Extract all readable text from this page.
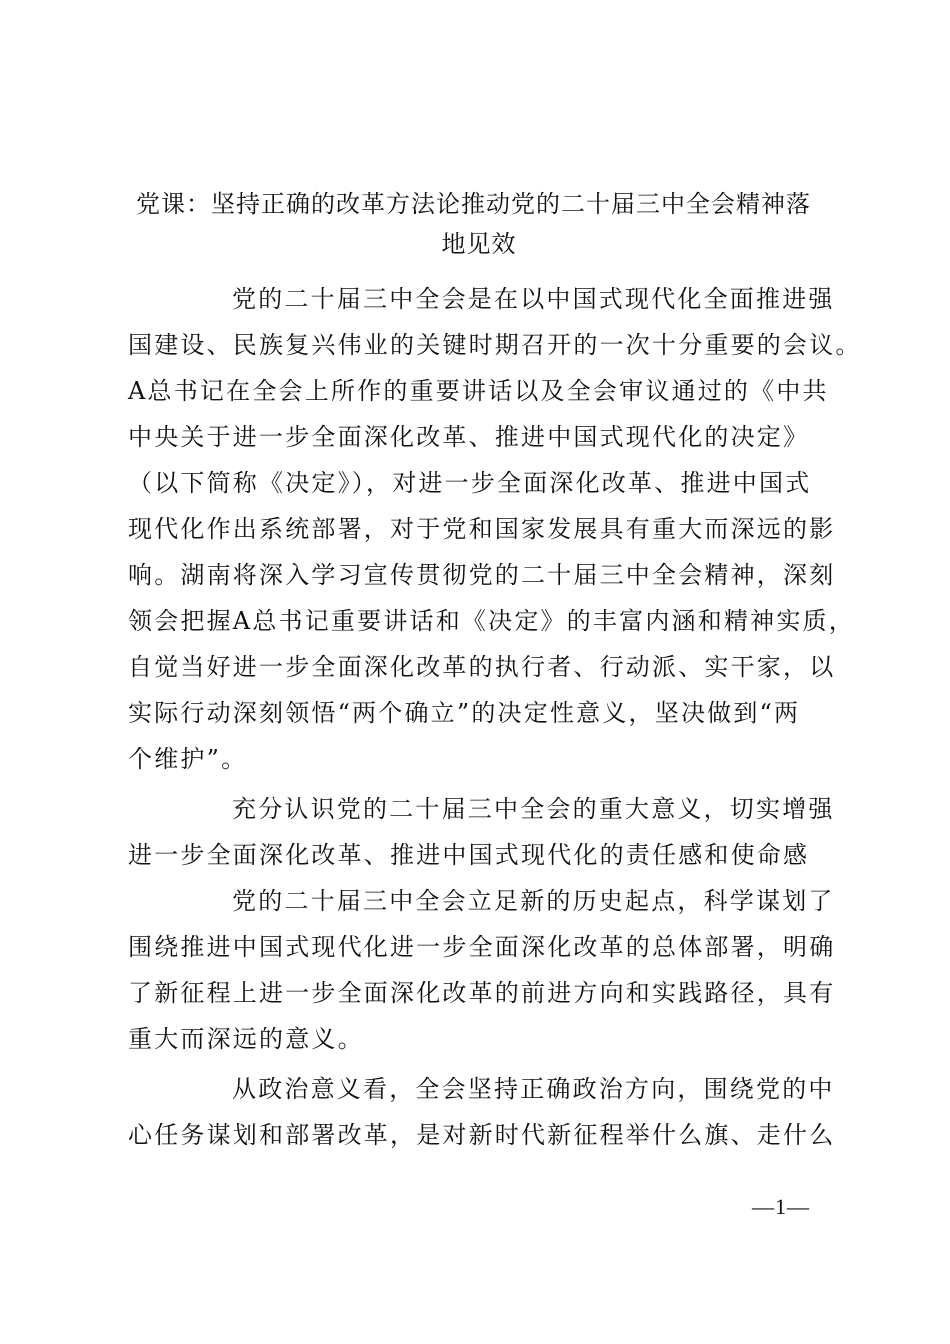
党课：坚持正确的改革方法论推动党的二十届三中全会精神落
地见效

党的二十届三中全会是在以中国式现代化全面推进强
国建设、民族复兴伟业的关键时期召开的一次十分重要的会议。
A总书记在全会上所作的重要讲话以及全会审议通过的《中共
中央关于进一步全面深化改革、推进中国式现代化的决定》
（以下简称《决定》），对进一步全面深化改革、推进中国式
现代化作出系统部署，对于党和国家发展具有重大而深远的影
响。湖南将深入学习宣传贯彻党的二十届三中全会精神，深刻
领会把握A总书记重要讲话和《决定》的丰富内涵和精神实质，
自觉当好进一步全面深化改革的执行者、行动派、实干家，以
实际行动深刻领悟“两个确立”的决定性意义，坚决做到“两
个维护”。

充分认识党的二十届三中全会的重大意义，切实增强
进一步全面深化改革、推进中国式现代化的责任感和使命感

党的二十届三中全会立足新的历史起点，科学谋划了
围绕推进中国式现代化进一步全面深化改革的总体部署，明确
了新征程上进一步全面深化改革的前进方向和实践路径，具有
重大而深远的意义。

从政治意义看，全会坚持正确政治方向，围绕党的中
心任务谋划和部署改革，是对新时代新征程举什么旗、走什么

—1—
